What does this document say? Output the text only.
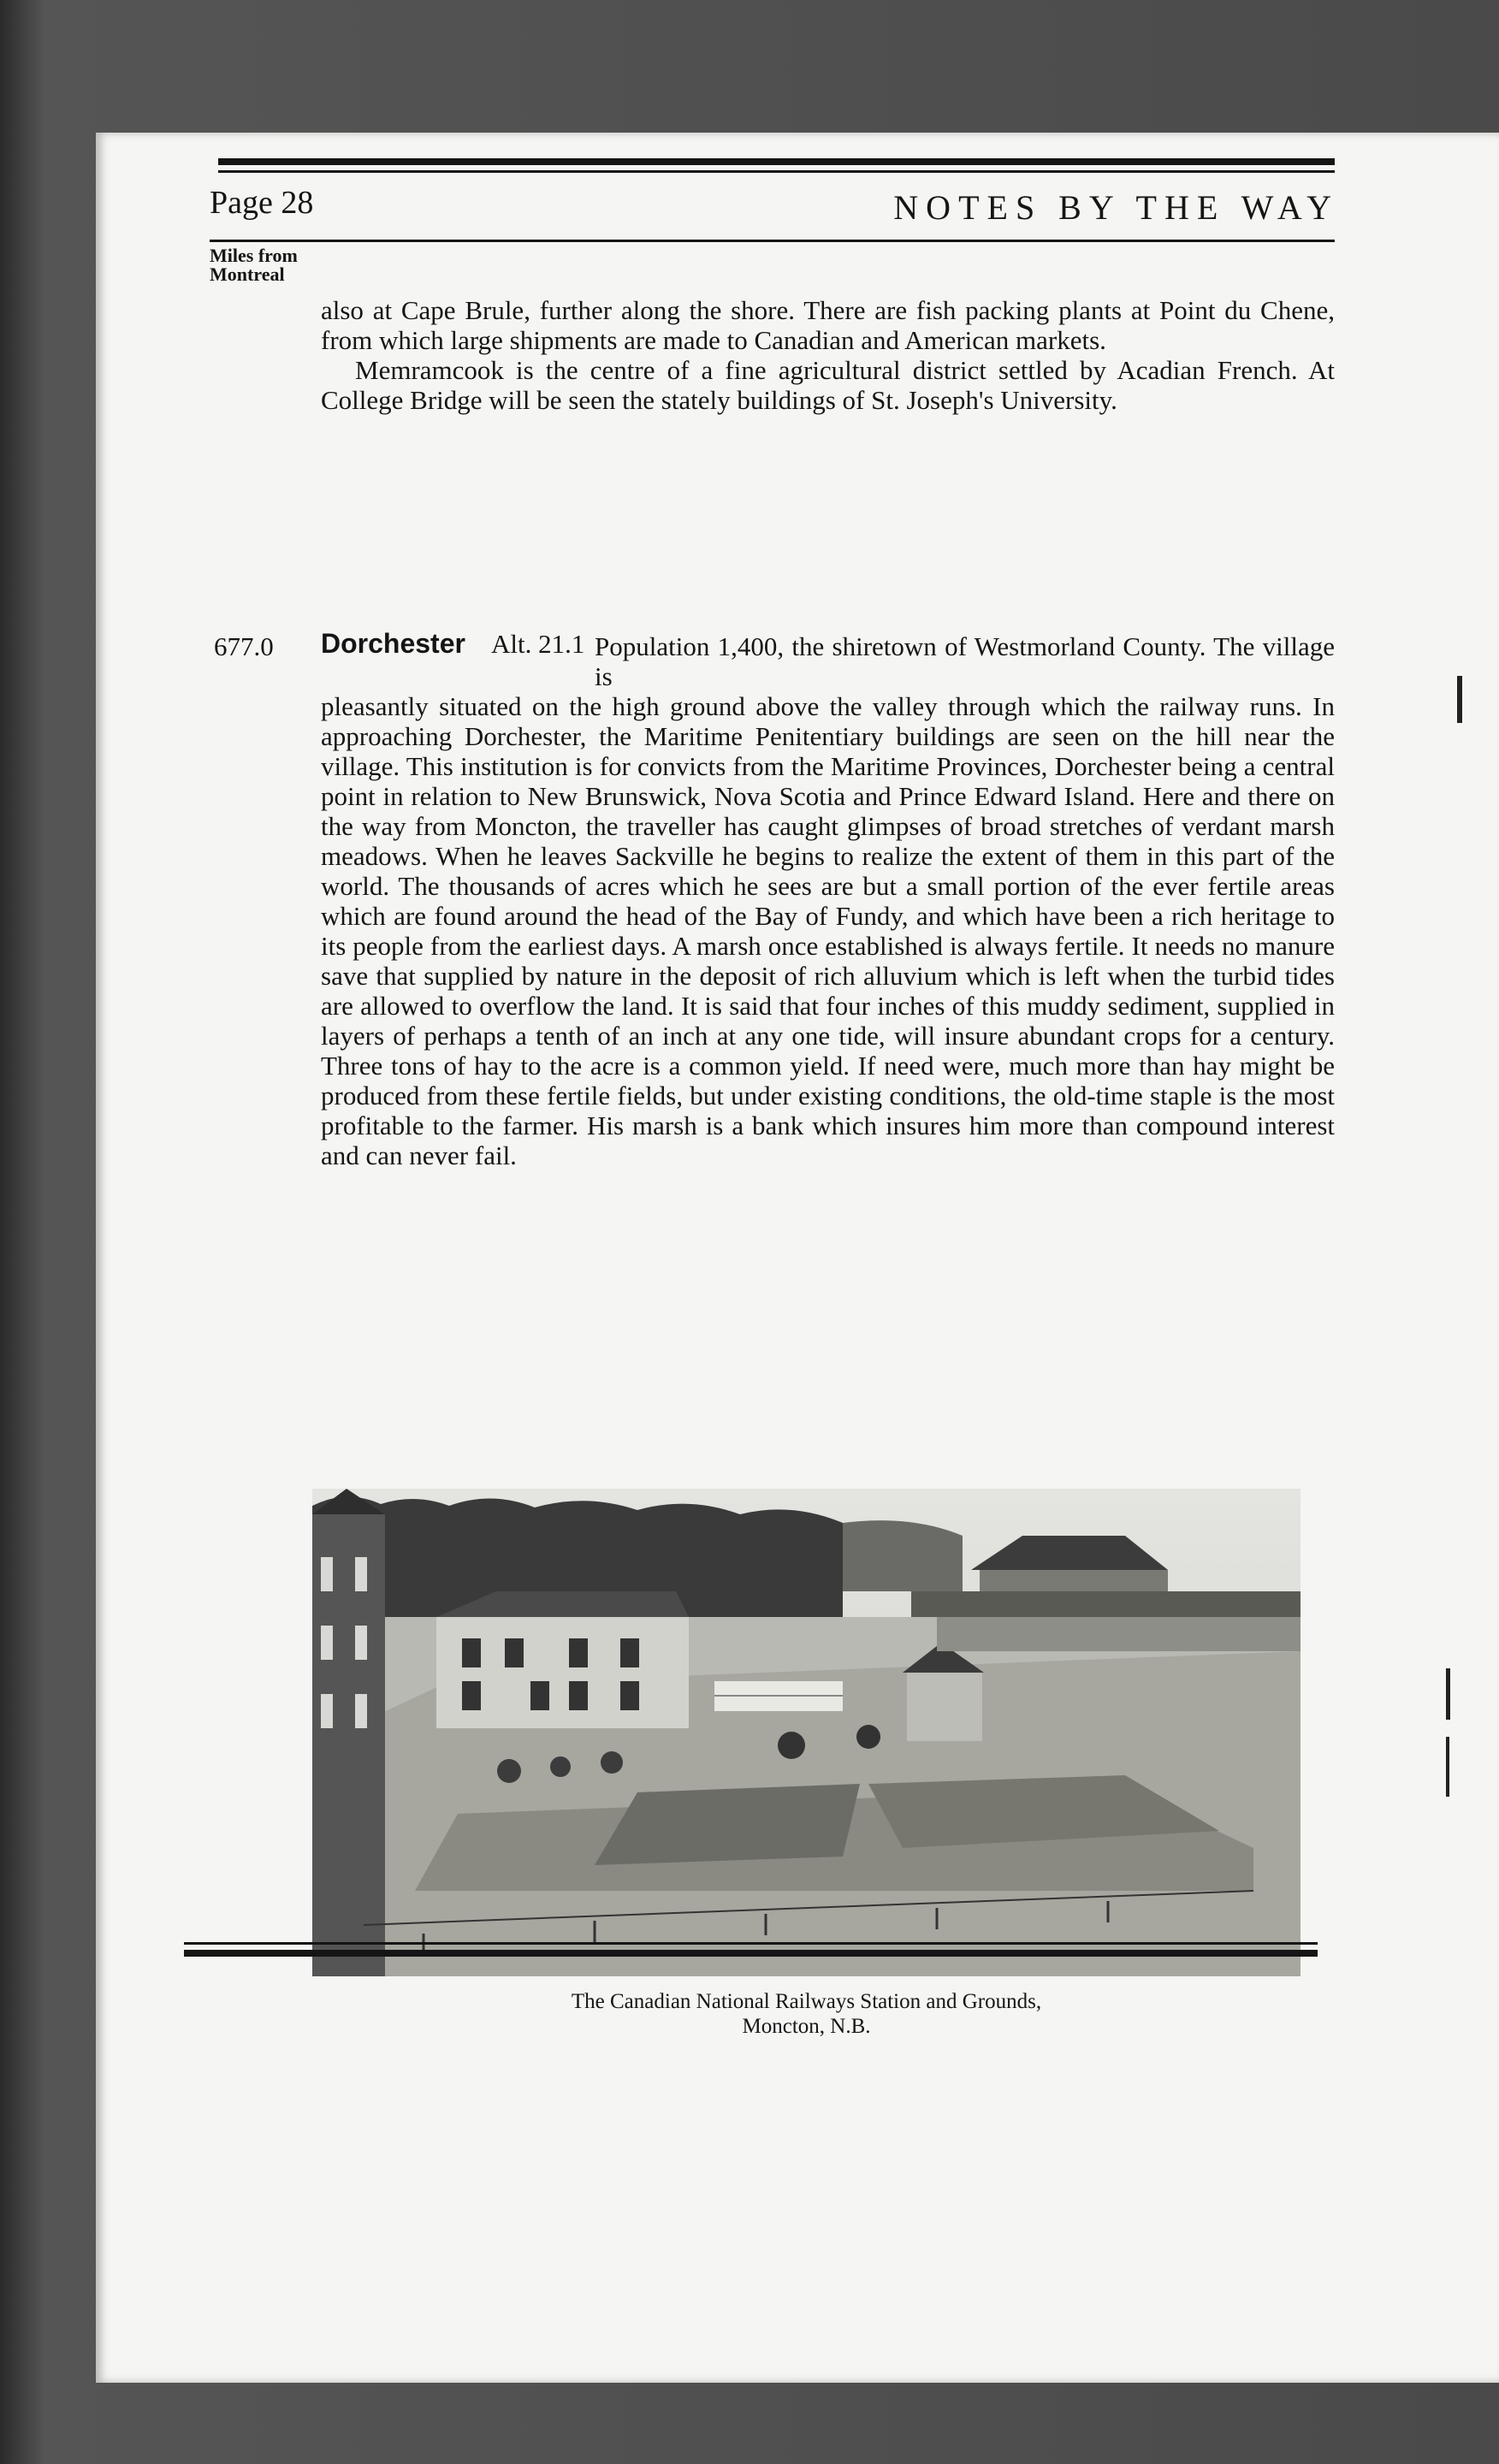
Page 28	NOTES BY THE WAY
Miles from
Montreal

also at Cape Brule, further along the shore. There are fish packing plants at Point du Chene, from which large shipments are made to Canadian and American markets.

Memramcook is the centre of a fine agricultural district settled by Acadian French. At College Bridge will be seen the stately buildings of St. Joseph's University.

677.0 Dorchester Alt. 21.1 Population 1,400, the shiretown of Westmorland County. The village is

pleasantly situated on the high ground above the valley through which the railway runs. In approaching Dorchester, the Maritime Penitentiary buildings are seen on the hill near the village. This institution is for convicts from the Maritime Provinces, Dorchester being a central point in relation to New Brunswick, Nova Scotia and Prince Edward Island. Here and there on the way from Moncton, the traveller has caught glimpses of broad stretches of verdant marsh meadows. When he leaves Sackville he begins to realize the extent of them in this part of the world. The thousands of acres which he sees are but a small portion of the ever fertile areas which are found around the head of the Bay of Fundy, and which have been a rich heritage to its people from the earliest days. A marsh once established is always fertile. It needs no manure save that supplied by nature in the deposit of rich alluvium which is left when the turbid tides are allowed to overflow the land. It is said that four inches of this muddy sediment, supplied in layers of perhaps a tenth of an inch at any one tide, will insure abundant crops for a century. Three tons of hay to the acre is a common yield. If need were, much more than hay might be produced from these fertile fields, but under existing conditions, the old-time staple is the most profitable to the farmer. His marsh is a bank which insures him more than compound interest and can never fail.

The Canadian National Railways Station and Grounds,
Moncton, N.B.
